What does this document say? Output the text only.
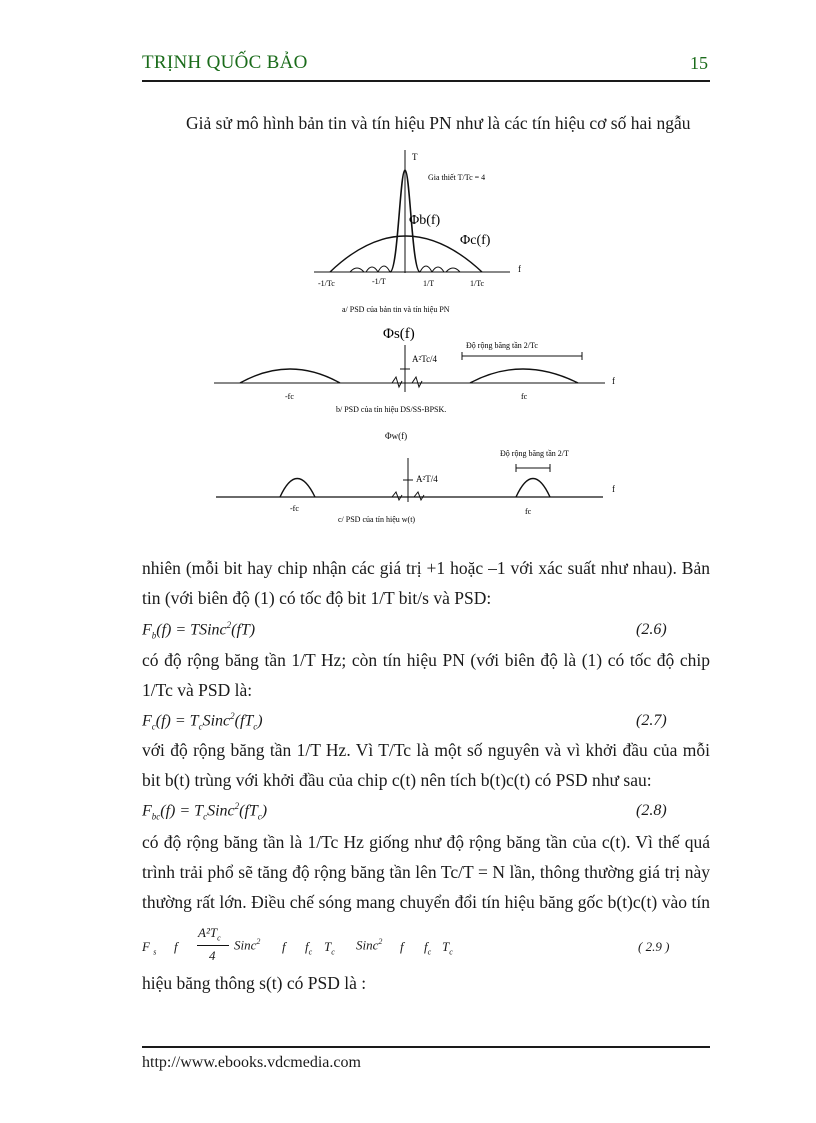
TRỊNH QUỐC BẢO	15
Giả sử mô hình bản tin và tín hiệu PN như là các tín hiệu cơ số hai ngẫu
T
Gia thiết T/Tc = 4
Φb(f)
Φc(f)
f
-1/Tc	-1/T	1/T	1/Tc
a/ PSD của bản tin và tín hiệu PN
Φs(f)
A²Tc/4
Độ rộng băng tần 2/Tc
f
-fc	fc
b/ PSD của tín hiệu DS/SS-BPSK.
Φw(f)
Độ rộng băng tần 2/T
A²T/4
f
-fc	fc
c/ PSD của tín hiệu w(t)
nhiên (mỗi bit hay chip nhận các giá trị +1 hoặc –1 với xác suất như nhau). Bản
tin (với biên độ (1) có tốc độ bit 1/T bit/s và PSD:
$F_b(f)$ = TSinc$^2$(fT)	(2.6)
có độ rộng băng tần 1/T Hz; còn tín hiệu PN (với biên độ là (1) có tốc độ chip
1/Tc và PSD là:
$F_c(f)$ = $T_cSinc^2(fT_c)$	(2.7)
với độ rộng băng tần 1/T Hz. Vì T/Tc là một số nguyên và vì khởi đầu của mỗi
bit b(t) trùng với khởi đầu của chip c(t) nên tích b(t)c(t) có PSD như sau:
$F_{bc}(f)$ = $T_cSinc^2(fT_c)$	(2.8)
có độ rộng băng tần là 1/Tc Hz giống như độ rộng băng tần của c(t). Vì thế quá
trình trải phổ sẽ tăng độ rộng băng tần lên Tc/T = N lần, thông thường giá trị này
thường rất lớn. Điều chế sóng mang chuyển đổi tín hiệu băng gốc b(t)c(t) vào tín
F $_s$ f
$A^2T_c$
4
Sinc$^2$ f $f_c$ $T_c$ Sinc$^2$ f $f_c$ $T_c$	( 2.9 )
hiệu băng thông s(t) có PSD là :
http://www.ebooks.vdcmedia.com
